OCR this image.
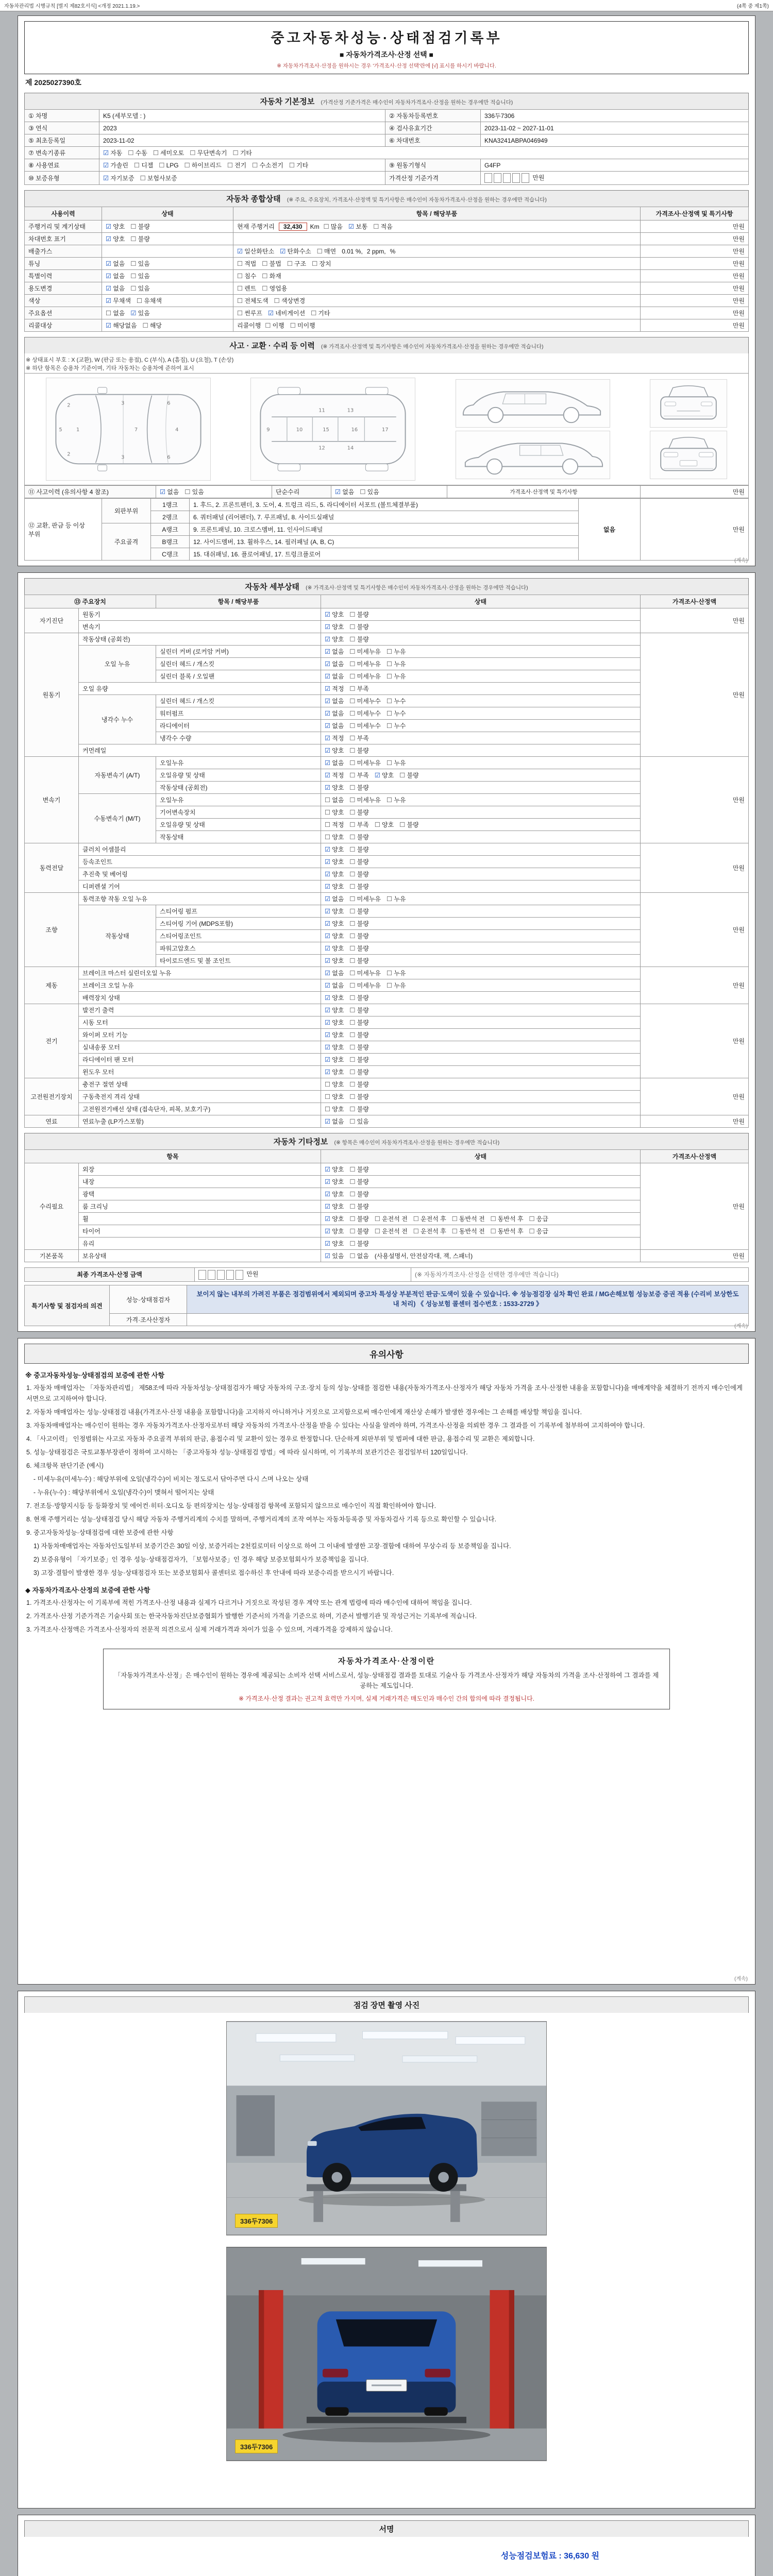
자동차관리법 시행규칙 [별지 제82호서식] <개정 2021.1.19.>	(4쪽 중 제1쪽)
중고자동차성능·상태점검기록부
■ 자동차가격조사·산정 선택 ■
※ 자동차가격조사·산정을 원하시는 경우 '가격조사·산정 선택'란에 [√] 표시를 하시기 바랍니다.
제 2025027390호
자동차 기본정보 (가격산정 기준가격은 매수인이 자동차가격조사·산정을 원하는 경우에만 적습니다)
① 차명	K5 (세부모델 : )	② 자동차등록번호	336두7306
③ 연식	2023	④ 검사유효기간	2023-11-02 ~ 2027-11-01
⑤ 최초등록일	2023-11-02	⑥ 차대번호	KNA3241ABPA046949
⑦ 변속기종류	☑ 자동 ☐ 수동 ☐ 세미오토 ☐ 무단변속기 ☐ 기타		
⑧ 사용연료	☑ 가솔린 ☐ 디젤 ☐ LPG ☐ 하이브리드 ☐ 전기 ☐ 수소전기 ☐ 기타	⑨ 원동기형식	G4FP
⑩ 보증유형	☑ 자기보증 ☐ 보험사보증	가격산정 기준가격	만원
자동차 종합상태 (※ 주요, 주요장치, 가격조사·산정액 및 특기사항은 매수인이 자동차가격조사·산정을 원하는 경우에만 적습니다)
사용이력	상태	항목 / 해당부품	가격조사·산정액 및 특기사항
주행거리 및 계기상태	☑ 양호 ☐ 불량	현재 주행거리 32,430 Km ☐ 많음 ☑ 보통 ☐ 적음	만원
차대번호 표기	☑ 양호 ☐ 불량		만원
배출가스		☑ 일산화탄소 ☑ 탄화수소 ☐ 매연 0.01 %, 2 ppm, %	만원
튜닝	☑ 없음 ☐ 있음	☐ 적법 ☐ 불법 ☐ 구조 ☐ 장치	만원
특별이력	☑ 없음 ☐ 있음	☐ 침수 ☐ 화재	만원
용도변경	☑ 없음 ☐ 있음	☐ 렌트 ☐ 영업용	만원
색상	☑ 무채색 ☐ 유채색	☐ 전체도색 ☐ 색상변경	만원
주요옵션	☐ 없음 ☑ 있음	☐ 썬루프 ☑ 네비게이션 ☐ 기타	만원
리콜대상	☑ 해당없음 ☐ 해당	리콜이행 ☐ 이행 ☐ 미이행	만원
사고 · 교환 · 수리 등 이력 (※ 가격조사·산정액 및 특기사항은 매수인이 자동차가격조사·산정을 원하는 경우에만 적습니다)
※ 상태표시 부호 : X (교환), W (판금 또는 용접), C (부식), A (흠집), U (요철), T (손상)
※ 하단 항목은 승용차 기준이며, 기타 자동차는 승용차에 준하여 표시
1
2
2
3
3
7	4
6
6
5	9	10
11
12
13
14
15	16	17
⑪ 사고이력 (유의사항 4 참조)	☑ 없음 ☐ 있음	단순수리	☑ 없음 ☐ 있음	가격조사·산정액 및 특기사항	만원
⑫ 교환, 판금 등 이상 부위	외판부위	1랭크	1. 후드, 2. 프론트펜더, 3. 도어, 4. 트렁크 리드, 5. 라디에이터 서포트 (볼트체결부품)	없음	만원
		2랭크	6. 쿼터패널 (리어펜더), 7. 루프패널, 8. 사이드실패널		
	주요골격	A랭크	9. 프론트패널, 10. 크로스멤버, 11. 인사이드패널		
		B랭크	12. 사이드멤버, 13. 휠하우스, 14. 필러패널 (A, B, C)		
		C랭크	15. 대쉬패널, 16. 플로어패널, 17. 트렁크플로어		
(계속)
자동차 세부상태 (※ 가격조사·산정액 및 특기사항은 매수인이 자동차가격조사·산정을 원하는 경우에만 적습니다)
⑬ 주요장치		항목 / 해당부품	상태	가격조사·산정액
자기진단	원동기		☑ 양호 ☐ 불량	만원
	변속기		☑ 양호 ☐ 불량	
원동기	작동상태 (공회전)		☑ 양호 ☐ 불량	만원
	오일 누유	실린더 커버 (로커암 커버)	☑ 없음 ☐ 미세누유 ☐ 누유	
		실린더 헤드 / 개스킷	☑ 없음 ☐ 미세누유 ☐ 누유	
		실린더 블록 / 오일팬	☑ 없음 ☐ 미세누유 ☐ 누유	
	오일 유량		☑ 적정 ☐ 부족	
	냉각수 누수	실린더 헤드 / 개스킷	☑ 없음 ☐ 미세누수 ☐ 누수	
		워터펌프	☑ 없음 ☐ 미세누수 ☐ 누수	
		라디에이터	☑ 없음 ☐ 미세누수 ☐ 누수	
		냉각수 수량	☑ 적정 ☐ 부족	
	커먼레일		☑ 양호 ☐ 불량	
변속기	자동변속기 (A/T)	오일누유	☑ 없음 ☐ 미세누유 ☐ 누유	만원
		오일유량 및 상태	☑ 적정 ☐ 부족 ☑ 양호 ☐ 불량	
		작동상태 (공회전)	☑ 양호 ☐ 불량	
	수동변속기 (M/T)	오일누유	☐ 없음 ☐ 미세누유 ☐ 누유	
		기어변속장치	☐ 양호 ☐ 불량	
		오일유량 및 상태	☐ 적정 ☐ 부족 ☐ 양호 ☐ 불량	
		작동상태	☐ 양호 ☐ 불량	
동력전달	클러치 어셈블리		☑ 양호 ☐ 불량	만원
	등속조인트		☑ 양호 ☐ 불량	
	추진축 및 베어링		☑ 양호 ☐ 불량	
	디퍼렌셜 기어		☑ 양호 ☐ 불량	
조향	동력조향 작동 오일 누유		☑ 없음 ☐ 미세누유 ☐ 누유	만원
	작동상태	스티어링 펌프	☑ 양호 ☐ 불량	
		스티어링 기어 (MDPS포함)	☑ 양호 ☐ 불량	
		스티어링조인트	☑ 양호 ☐ 불량	
		파워고압호스	☑ 양호 ☐ 불량	
		타이로드엔드 및 볼 조인트	☑ 양호 ☐ 불량	
제동	브레이크 마스터 실린더오일 누유		☑ 없음 ☐ 미세누유 ☐ 누유	만원
	브레이크 오일 누유		☑ 없음 ☐ 미세누유 ☐ 누유	
	배력장치 상태		☑ 양호 ☐ 불량	
전기	발전기 출력		☑ 양호 ☐ 불량	만원
	시동 모터		☑ 양호 ☐ 불량	
	와이퍼 모터 기능		☑ 양호 ☐ 불량	
	실내송풍 모터		☑ 양호 ☐ 불량	
	라디에이터 팬 모터		☑ 양호 ☐ 불량	
	윈도우 모터		☑ 양호 ☐ 불량	
고전원전기장치	충전구 절연 상태		☐ 양호 ☐ 불량	만원
	구동축전지 격리 상태		☐ 양호 ☐ 불량	
	고전원전기배선 상태 (접속단자, 피복, 보호기구)		☐ 양호 ☐ 불량	
연료	연료누출 (LP가스포함)		☑ 없음 ☐ 있음	만원
자동차 기타정보 (※ 항목은 매수인이 자동차가격조사·산정을 원하는 경우에만 적습니다)
항목		상태	가격조사·산정액
수리필요	외장	☑ 양호 ☐ 불량	만원
	내장	☑ 양호 ☐ 불량	
	광택	☑ 양호 ☐ 불량	
	룸 크리닝	☑ 양호 ☐ 불량	
	휠	☑ 양호 ☐ 불량 ☐ 운전석 전 ☐ 운전석 후 ☐ 동반석 전 ☐ 동반석 후 ☐ 응급	
	타이어	☑ 양호 ☐ 불량 ☐ 운전석 전 ☐ 운전석 후 ☐ 동반석 전 ☐ 동반석 후 ☐ 응급	
	유리	☑ 양호 ☐ 불량	
기본품목	보유상태	☑ 있음 ☐ 없음 (사용설명서, 안전삼각대, 잭, 스패너)	만원
최종 가격조사·산정 금액	만원	(※ 자동차가격조사·산정을 선택한 경우에만 적습니다)
특기사항 및 점검자의 의견	성능·상태점검자	보이지 않는 내부의 가려진 부품은 점검범위에서 제외되며 중고차 특성상 부분적인 판금·도색이 있을 수 있습니다. ※ 성능점검장 실차 확인 완료 / MG손해보험 성능보증 증권 적용 (수리비 보상한도 내 처리) 《 성능보험 콜센터 접수번호 : 1533-2729 》
	가격·조사산정자	
(계속)
유의사항
※ 중고자동차성능·상태점검의 보증에 관한 사항
1. 자동차 매매업자는 「자동차관리법」 제58조에 따라 자동차성능·상태점검자가 해당 자동차의 구조·장치 등의 성능·상태를 점검한 내용(자동차가격조사·산정자가 해당 자동차 가격을 조사·산정한 내용을 포함합니다)을 매매계약을 체결하기 전까지 매수인에게 서면으로 고지하여야 합니다.
2. 자동차 매매업자는 성능·상태점검 내용(가격조사·산정 내용을 포함합니다)을 고지하지 아니하거나 거짓으로 고지함으로써 매수인에게 재산상 손해가 발생한 경우에는 그 손해를 배상할 책임을 집니다.
3. 자동차매매업자는 매수인이 원하는 경우 자동차가격조사·산정자로부터 해당 자동차의 가격조사·산정을 받을 수 있다는 사실을 알려야 하며, 가격조사·산정을 의뢰한 경우 그 결과를 이 기록부에 첨부하여 고지하여야 합니다.
4. 「사고이력」 인정범위는 사고로 자동차 주요골격 부위의 판금, 용접수리 및 교환이 있는 경우로 한정합니다. 단순하게 외판부위 및 범퍼에 대한 판금, 용접수리 및 교환은 제외합니다.
5. 성능·상태점검은 국토교통부장관이 정하여 고시하는 「중고자동차 성능·상태점검 방법」에 따라 실시하며, 이 기록부의 보관기간은 점검일부터 120일입니다.
6. 체크항목 판단기준 (예시)
- 미세누유(미세누수) : 해당부위에 오일(냉각수)이 비치는 정도로서 닦아주면 다시 스며 나오는 상태
- 누유(누수) : 해당부위에서 오일(냉각수)이 맺혀서 떨어지는 상태
7. 전조등·방향지시등 등 등화장치 및 에어컨·히터·오디오 등 편의장치는 성능·상태점검 항목에 포함되지 않으므로 매수인이 직접 확인하여야 합니다.
8. 현재 주행거리는 성능·상태점검 당시 해당 자동차 주행거리계의 수치를 말하며, 주행거리계의 조작 여부는 자동차등록증 및 자동차검사 기록 등으로 확인할 수 있습니다.
9. 중고자동차성능·상태점검에 대한 보증에 관한 사항
1) 자동차매매업자는 자동차인도일부터 보증기간은 30일 이상, 보증거리는 2천킬로미터 이상으로 하여 그 이내에 발생한 고장·결함에 대하여 무상수리 등 보증책임을 집니다.
2) 보증유형이 「자기보증」인 경우 성능·상태점검자가, 「보험사보증」인 경우 해당 보증보험회사가 보증책임을 집니다.
3) 고장·결함이 발생한 경우 성능·상태점검자 또는 보증보험회사 콜센터로 접수하신 후 안내에 따라 보증수리를 받으시기 바랍니다.
◆ 자동차가격조사·산정의 보증에 관한 사항
1. 가격조사·산정자는 이 기록부에 적힌 가격조사·산정 내용과 실제가 다르거나 거짓으로 작성된 경우 계약 또는 관계 법령에 따라 매수인에 대하여 책임을 집니다.
2. 가격조사·산정 기준가격은 기술사회 또는 한국자동차진단보증협회가 발행한 기준서의 가격을 기준으로 하며, 기준서 발행기관 및 작성근거는 기록부에 적습니다.
3. 가격조사·산정액은 가격조사·산정자의 전문적 의견으로서 실제 거래가격과 차이가 있을 수 있으며, 거래가격을 강제하지 않습니다.
자동차가격조사·산정이란
「자동차가격조사·산정」은 매수인이 원하는 경우에 제공되는 소비자 선택 서비스로서, 성능·상태점검 결과를 토대로 기술사 등 가격조사·산정자가 해당 자동차의 가격을 조사·산정하여 그 결과를 제공하는 제도입니다.
※ 가격조사·산정 결과는 권고적 효력만 가지며, 실제 거래가격은 매도인과 매수인 간의 합의에 따라 결정됩니다.
(계속)
점검 장면 촬영 사진
336두7306
336두7306
서명
성능점검보험료 : 36,630 원
